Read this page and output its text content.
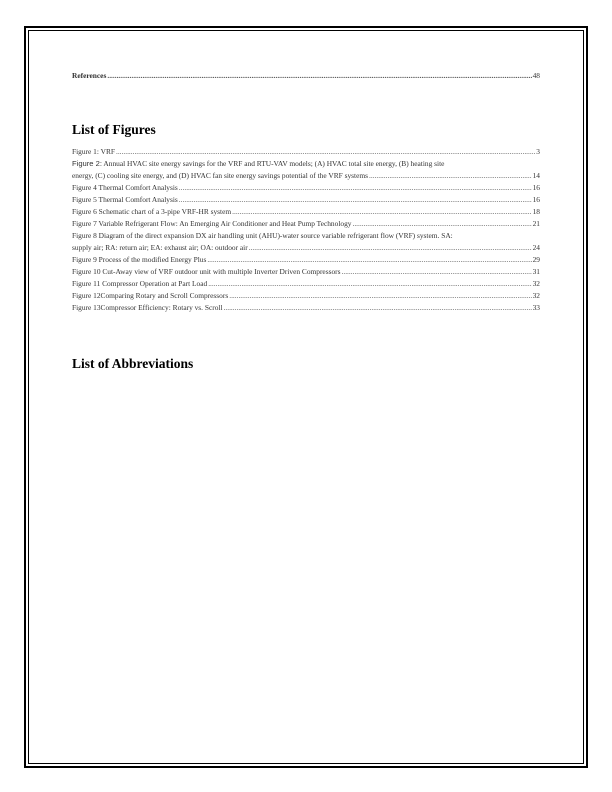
References .....	48
List of Figures
Figure 1: VRF .....	3
Figure 2: Annual HVAC site energy savings for the VRF and RTU-VAV models; (A) HVAC total site energy, (B) heating site
energy, (C) cooling site energy, and (D) HVAC fan site energy savings potential of the VRF systems .....	14
Figure 4 Thermal Comfort Analysis .....	16
Figure 5 Thermal Comfort Analysis .....	16
Figure 6 Schematic chart of a 3-pipe VRF-HR system .....	18
Figure 7 Variable Refrigerant Flow: An Emerging Air Conditioner and Heat Pump Technology .....	21
Figure 8 Diagram of the direct expansion DX air handling unit (AHU)-water source variable refrigerant flow (VRF) system. SA:
supply air; RA: return air; EA: exhaust air; OA: outdoor air .....	24
Figure 9 Process of the modified Energy Plus .....	29
Figure 10 Cut-Away view of VRF outdoor unit with multiple Inverter Driven Compressors .....	31
Figure 11 Compressor Operation at Part Load .....	32
Figure 12Comparing Rotary and Scroll Compressors .....	32
Figure 13Compressor Efficiency: Rotary vs. Scroll .....	33
List of Abbreviations
